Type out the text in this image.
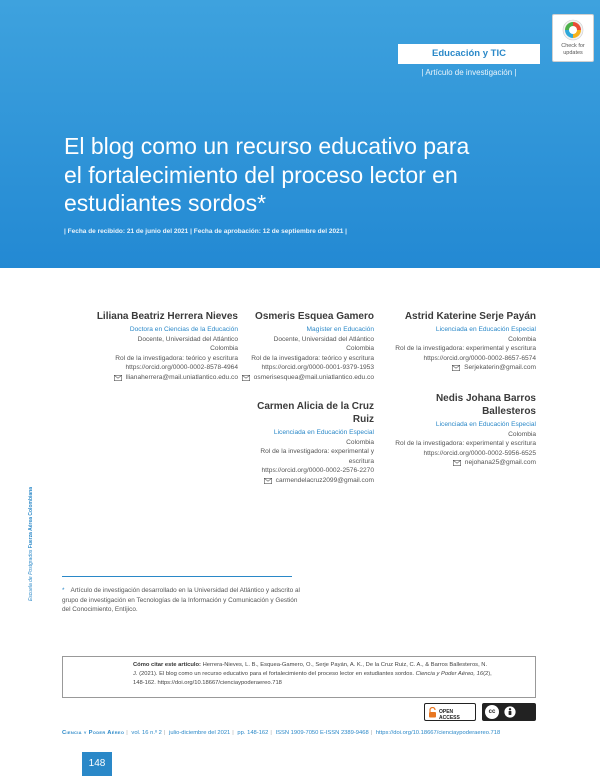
Educación y TIC
| Artículo de investigación |
Check for updates
El blog como un recurso educativo para el fortalecimiento del proceso lector en estudiantes sordos*
| Fecha de recibido: 21 de junio del 2021 | Fecha de aprobación: 12 de septiembre del 2021 |
Liliana Beatriz Herrera Nieves
Doctora en Ciencias de la Educación
Docente, Universidad del Atlántico
Colombia
Rol de la investigadora: teórico y escritura
https://orcid.org/0000-0002-8578-4964
llianaherrera@mail.uniatlantico.edu.co
Osmeris Esquea Gamero
Magíster en Educación
Docente, Universidad del Atlántico
Colombia
Rol de la investigadora: teórico y escritura
https://orcid.org/0000-0001-9379-1953
osmerisesquea@mail.uniatlantico.edu.co
Astrid Katerine Serje Payán
Licenciada en Educación Especial
Colombia
Rol de la investigadora: experimental y escritura
https://orcid.org/0000-0002-8657-6574
Serjekaterin@gmail.com
Carmen Alicia de la Cruz Ruiz
Licenciada en Educación Especial
Colombia
Rol de la investigadora: experimental y escritura
https://orcid.org/0000-0002-2576-2270
carmendelacruz2099@gmail.com
Nedis Johana Barros Ballesteros
Licenciada en Educación Especial
Colombia
Rol de la investigadora: experimental y escritura
https://orcid.org/0000-0002-5956-6525
nejohana25@gmail.com
Escuela de Postgrados Fuerza Aérea Colombiana
* Artículo de investigación desarrollado en la Universidad del Atlántico y adscrito al grupo de investigación en Tecnologías de la Información y Comunicación y Gestión del Conocimiento, Entíjico.
Cómo citar este artículo: Herrera-Nieves, L. B., Esquea-Gamero, O., Serje Payán, A. K., De la Cruz Ruiz, C. A., & Barros Ballesteros, N. J. (2021). El blog como un recurso educativo para el fortalecimiento del proceso lector en estudiantes sordos. Ciencia y Poder Aéreo, 16(2), 148-162. https://doi.org/10.18667/cienciaypoderaereo.718
OPEN ACCESS
cc
Ciencia y Poder Aéreo | vol. 16 n.º 2 | julio-diciembre del 2021 | pp. 148-162 | ISSN 1909-7050 E-ISSN 2389-9468 | https://doi.org/10.18667/cienciaypoderaereo.718
148
